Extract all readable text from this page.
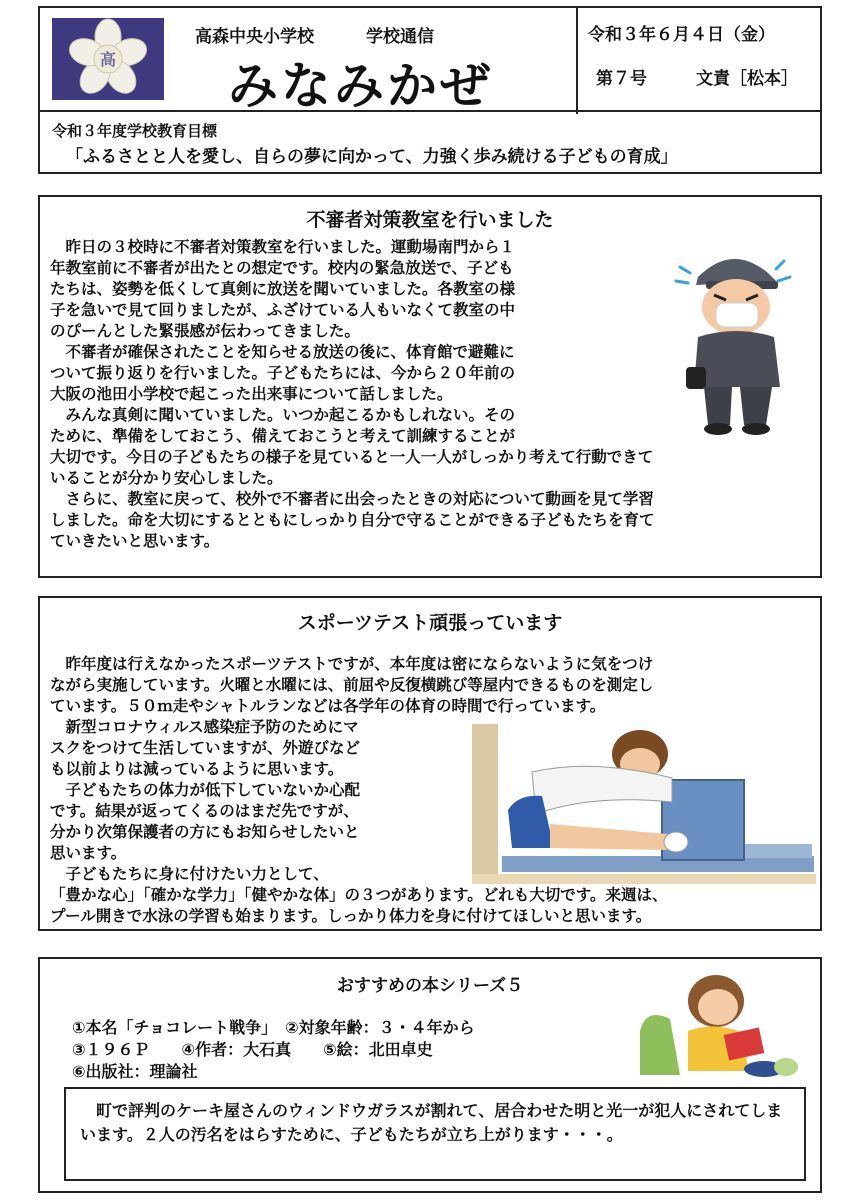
高
高森中央小学校	学校通信
みなみかぜ
令和３年６月４日（金）
第７号	文責［松本］
令和３年度学校教育目標
「ふるさとと人を愛し、自らの夢に向かって、力強く歩み続ける子どもの育成」
不審者対策教室を行いました

　昨日の３校時に不審者対策教室を行いました。運動場南門から１

年教室前に不審者が出たとの想定です。校内の緊急放送で、子ども

たちは、姿勢を低くして真剣に放送を聞いていました。各教室の様

子を急いで見て回りましたが、ふざけている人もいなくて教室の中

のぴーんとした緊張感が伝わってきました。

　不審者が確保されたことを知らせる放送の後に、体育館で避難に

ついて振り返りを行いました。子どもたちには、今から２０年前の

大阪の池田小学校で起こった出来事について話しました。

　みんな真剣に聞いていました。いつか起こるかもしれない。その

ために、準備をしておこう、備えておこうと考えて訓練することが

大切です。今日の子どもたちの様子を見ていると一人一人がしっかり考えて行動できて

いることが分かり安心しました。

　さらに、教室に戻って、校外で不審者に出会ったときの対応について動画を見て学習

しました。命を大切にするとともにしっかり自分で守ることができる子どもたちを育て

ていきたいと思います。

スポーツテスト頑張っています

　昨年度は行えなかったスポーツテストですが、本年度は密にならないように気をつけ

ながら実施しています。火曜と水曜には、前屈や反復横跳び等屋内できるものを測定し

ています。５０ｍ走やシャトルランなどは各学年の体育の時間で行っています。

　新型コロナウィルス感染症予防のためにマ

スクをつけて生活していますが、外遊びなど

も以前よりは減っているように思います。

　子どもたちの体力が低下していないか心配

です。結果が返ってくるのはまだ先ですが、

分かり次第保護者の方にもお知らせしたいと

思います。

　子どもたちに身に付けたい力として、

「豊かな心」「確かな学力」「健やかな体」の３つがあります。どれも大切です。来週は、

プール開きで水泳の学習も始まります。しっかり体力を身に付けてほしいと思います。

おすすめの本シリーズ５
①本名「チョコレート戦争」　②対象年齢：３・４年から
③１９６Ｐ　　④作者：大石真　　⑤絵：北田卓史
⑥出版社：理論社

　町で評判のケーキ屋さんのウィンドウガラスが割れて、居合わせた明と光一が犯人にされてしまいます。２人の汚名をはらすために、子どもたちが立ち上がります・・・。
